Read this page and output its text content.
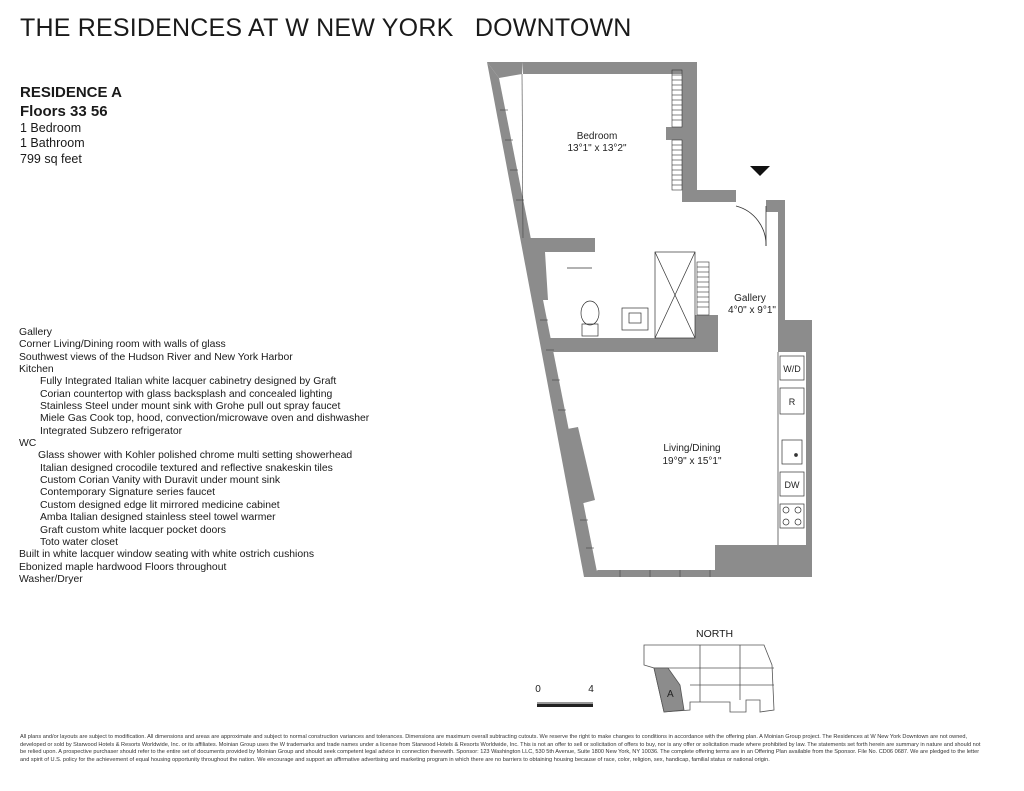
THE RESIDENCES AT W NEW YORK   DOWNTOWN
RESIDENCE A
Floors 33 56
1 Bedroom
1 Bathroom
799 sq feet
Gallery
Corner Living/Dining room with walls of glass
Southwest views of the Hudson River and New York Harbor
Kitchen
Fully Integrated Italian white lacquer cabinetry designed by Graft
Corian countertop with glass backsplash and concealed lighting
Stainless Steel under mount sink with Grohe pull out spray faucet
Miele Gas Cook top, hood, convection/microwave oven and dishwasher
Integrated Subzero refrigerator
WC
Glass shower with Kohler polished chrome multi setting showerhead
Italian designed crocodile textured and reflective snakeskin tiles
Custom Corian Vanity with Duravit under mount sink
Contemporary Signature series faucet
Custom designed edge lit mirrored medicine cabinet
Amba Italian designed stainless steel towel warmer
Graft custom white lacquer pocket doors
Toto water closet
Built in white lacquer window seating with white ostrich cushions
Ebonized maple hardwood Floors throughout
Washer/Dryer
Bedroom
13°1" x 13°2"
Gallery
4°0" x 9°1"
Living/Dining
19°9" x 15°1"
W/D
R
DW
0	4	A
NORTH
All plans and/or layouts are subject to modification. All dimensions and areas are approximate and subject to normal construction variances and tolerances. Dimensions are maximum overall subtracting cutouts. We reserve the right to make changes to conditions in accordance with the offering plan. A Moinian Group project. The Residences at W New York Downtown are not owned, developed or sold by Starwood Hotels & Resorts Worldwide, Inc. or its affiliates. Moinian Group uses the W trademarks and trade names under a license from Starwood Hotels & Resorts Worldwide, Inc. This is not an offer to sell or solicitation of offers to buy, nor is any offer or solicitation made where prohibited by law. The statements set forth herein are summary in nature and should not be relied upon. A prospective purchaser should refer to the entire set of documents provided by Moinian Group and should seek competent legal advice in connection therewith. Sponsor: 123 Washington LLC, 530 5th Avenue, Suite 1800 New York, NY 10036. The complete offering terms are in an Offering Plan available from the Sponsor. File No. CD06 0687. We are pledged to the letter and spirit of U.S. policy for the achievement of equal housing opportunity throughout the nation. We encourage and support an affirmative advertising and marketing program in which there are no barriers to obtaining housing because of race, color, religion, sex, handicap, familial status or national origin.
